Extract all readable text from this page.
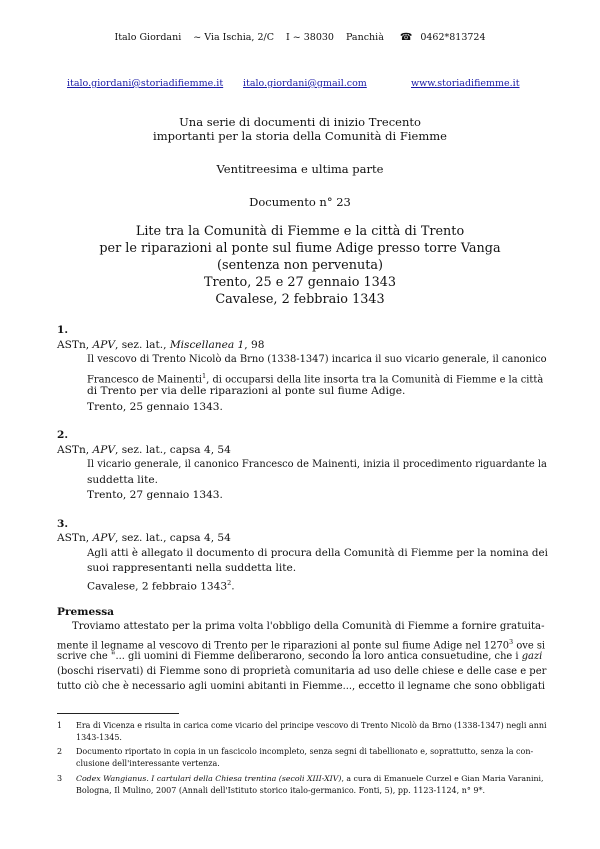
Italo Giordani ~ Via Ischia, 2/C I ~ 38030 Panchià ☎ 0462*813724
italo.giordani@storiadifiemme.it italo.giordani@gmail.com	www.storiadifiemme.it
Una serie di documenti di inizio Trecento
importanti per la storia della Comunità di Fiemme
Ventitreesima e ultima parte
Documento n° 23
Lite tra la Comunità di Fiemme e la città di Trento
per le riparazioni al ponte sul fiume Adige presso torre Vanga
(sentenza non pervenuta)
Trento, 25 e 27 gennaio 1343
Cavalese, 2 febbraio 1343
1.
ASTn, APV, sez. lat., Miscellanea 1, 98
Il vescovo di Trento Nicolò da Brno (1338-1347) incarica il suo vicario generale, il canonico
Francesco de Mainenti$^1$, di occuparsi della lite insorta tra la Comunità di Fiemme e la città
di Trento per via delle riparazioni al ponte sul fiume Adige.
Trento, 25 gennaio 1343.
2.
ASTn, APV, sez. lat., capsa 4, 54
Il vicario generale, il canonico Francesco de Mainenti, inizia il procedimento riguardante la
suddetta lite.
Trento, 27 gennaio 1343.
3.
ASTn, APV, sez. lat., capsa 4, 54
Agli atti è allegato il documento di procura della Comunità di Fiemme per la nomina dei
suoi rappresentanti nella suddetta lite.
Cavalese, 2 febbraio 1343$^2$.
Premessa
Troviamo attestato per la prima volta l'obbligo della Comunità di Fiemme a fornire gratuita-
mente il legname al vescovo di Trento per le riparazioni al ponte sul fiume Adige nel 1270$^3$ ove si
scrive che "... gli uomini di Fiemme deliberarono, secondo la loro antica consuetudine, che i gazi
(boschi riservati) di Fiemme sono di proprietà comunitaria ad uso delle chiese e delle case e per
tutto ciò che è necessario agli uomini abitanti in Fiemme..., eccetto il legname che sono obbligati
1 Era di Vicenza e risulta in carica come vicario del principe vescovo di Trento Nicolò da Brno (1338-1347) negli anni
1343-1345.
2 Documento riportato in copia in un fascicolo incompleto, senza segni di tabellionato e, soprattutto, senza la con-
clusione dell'interessante vertenza.
3 Codex Wangianus. I cartulari della Chiesa trentina (secoli XIII-XIV), a cura di Emanuele Curzel e Gian Maria Varanini,
Bologna, Il Mulino, 2007 (Annali dell'Istituto storico italo-germanico. Fonti, 5), pp. 1123-1124, n° 9*.
